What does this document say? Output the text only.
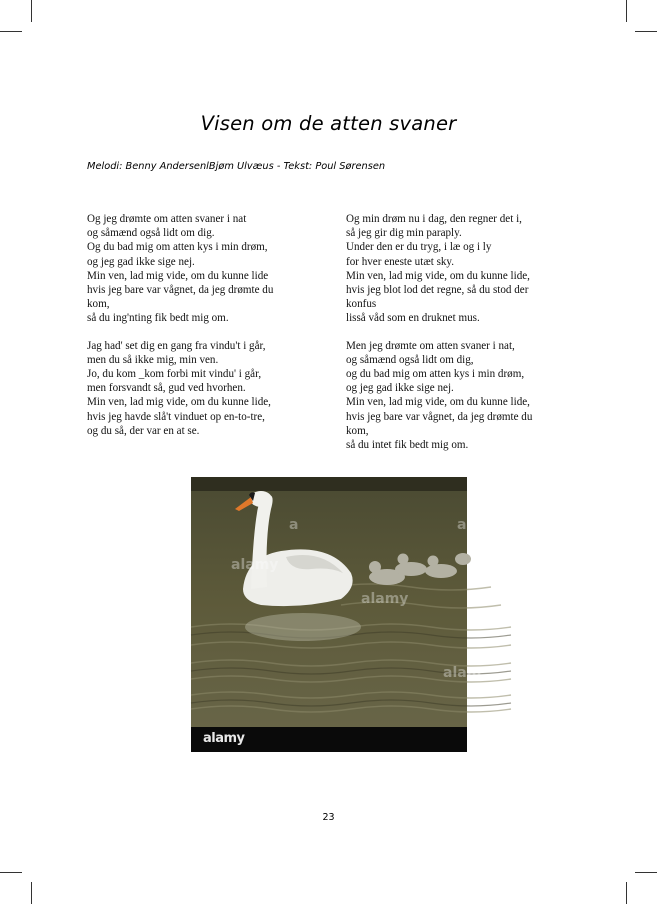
Visen om de atten svaner
Melodi: Benny AndersenlBjøm Ulvæus - Tekst: Poul Sørensen
Og jeg drømte om atten svaner i nat
og såmænd også lidt om dig.
Og du bad mig om atten kys i min drøm,
og jeg gad ikke sige nej.
Min ven, lad mig vide, om du kunne lide
hvis jeg bare var vågnet, da jeg drømte du
kom,
så du ing'nting fik bedt mig om.
Jag had' set dig en gang fra vindu't i går,
men du så ikke mig, min ven.
Jo, du kom _kom forbi mit vindu' i går,
men forsvandt så, gud ved hvorhen.
Min ven, lad mig vide, om du kunne lide,
hvis jeg havde slå't vinduet op en-to-tre,
og du så, der var en at se.
Og min drøm nu i dag, den regner det i,
så jeg gir dig min paraply.
Under den er du tryg, i læ og i ly
for hver eneste utæt sky.
Min ven, lad mig vide, om du kunne lide,
hvis jeg blot lod det regne, så du stod der
konfus
lisså våd som en druknet mus.
Men jeg drømte om atten svaner i nat,
og såmænd også lidt om dig,
og du bad mig om atten kys i min drøm,
og jeg gad ikke sige nej.
Min ven, lad mig vide, om du kunne lide,
hvis jeg bare var vågnet, da jeg drømte du
kom,
så du intet fik bedt mig om.
alamy
alamy
alam
a	a
alamy
23
